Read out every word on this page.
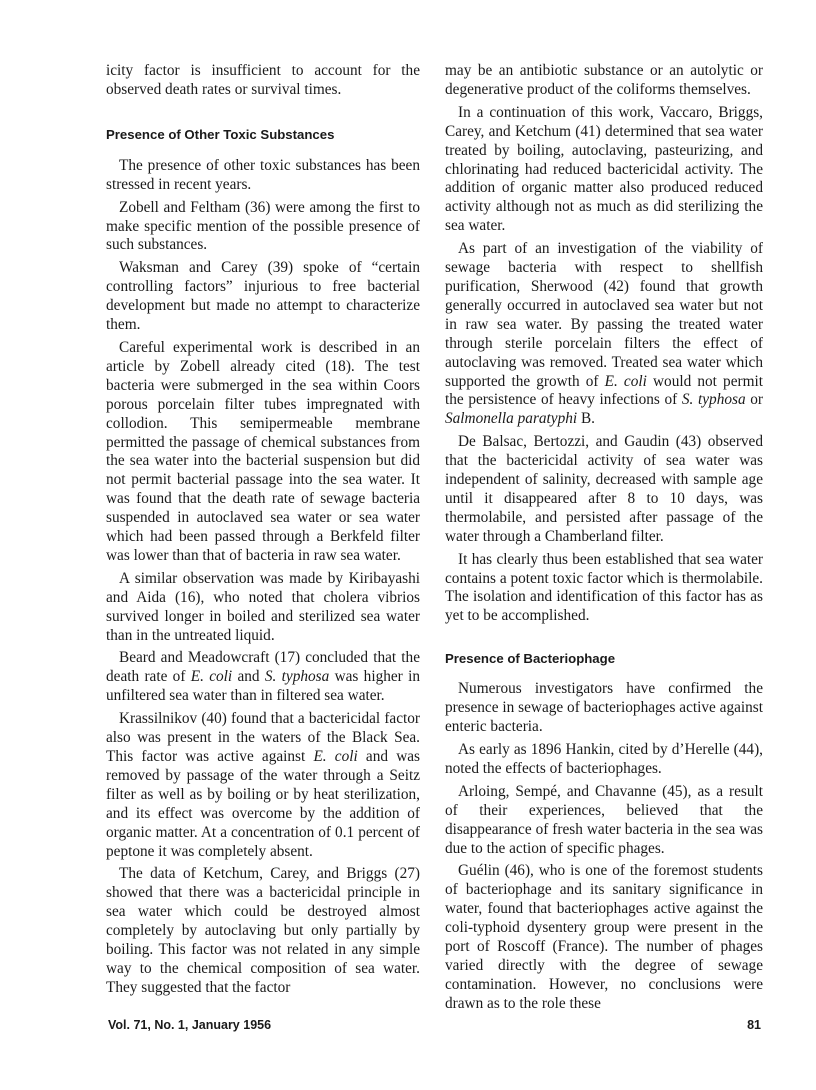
icity factor is insufficient to account for the observed death rates or survival times.

Presence of Other Toxic Substances

The presence of other toxic substances has been stressed in recent years.

Zobell and Feltham (36) were among the first to make specific mention of the possible presence of such substances.

Waksman and Carey (39) spoke of “certain controlling factors” injurious to free bacterial development but made no attempt to characterize them.

Careful experimental work is described in an article by Zobell already cited (18). The test bacteria were submerged in the sea within Coors porous porcelain filter tubes impregnated with collodion. This semipermeable membrane permitted the passage of chemical substances from the sea water into the bacterial suspension but did not permit bacterial passage into the sea water. It was found that the death rate of sewage bacteria suspended in autoclaved sea water or sea water which had been passed through a Berkfeld filter was lower than that of bacteria in raw sea water.

A similar observation was made by Kiribayashi and Aida (16), who noted that cholera vibrios survived longer in boiled and sterilized sea water than in the untreated liquid.

Beard and Meadowcraft (17) concluded that the death rate of E. coli and S. typhosa was higher in unfiltered sea water than in filtered sea water.

Krassilnikov (40) found that a bactericidal factor also was present in the waters of the Black Sea. This factor was active against E. coli and was removed by passage of the water through a Seitz filter as well as by boiling or by heat sterilization, and its effect was overcome by the addition of organic matter. At a concentration of 0.1 percent of peptone it was completely absent.

The data of Ketchum, Carey, and Briggs (27) showed that there was a bactericidal principle in sea water which could be destroyed almost completely by autoclaving but only partially by boiling. This factor was not related in any simple way to the chemical composition of sea water. They suggested that the factor

may be an antibiotic substance or an autolytic or degenerative product of the coliforms themselves.

In a continuation of this work, Vaccaro, Briggs, Carey, and Ketchum (41) determined that sea water treated by boiling, autoclaving, pasteurizing, and chlorinating had reduced bactericidal activity. The addition of organic matter also produced reduced activity although not as much as did sterilizing the sea water.

As part of an investigation of the viability of sewage bacteria with respect to shellfish purification, Sherwood (42) found that growth generally occurred in autoclaved sea water but not in raw sea water. By passing the treated water through sterile porcelain filters the effect of autoclaving was removed. Treated sea water which supported the growth of E. coli would not permit the persistence of heavy infections of S. typhosa or Salmonella paratyphi B.

De Balsac, Bertozzi, and Gaudin (43) observed that the bactericidal activity of sea water was independent of salinity, decreased with sample age until it disappeared after 8 to 10 days, was thermolabile, and persisted after passage of the water through a Chamberland filter.

It has clearly thus been established that sea water contains a potent toxic factor which is thermolabile. The isolation and identification of this factor has as yet to be accomplished.

Presence of Bacteriophage

Numerous investigators have confirmed the presence in sewage of bacteriophages active against enteric bacteria.

As early as 1896 Hankin, cited by d’Herelle (44), noted the effects of bacteriophages.

Arloing, Sempé, and Chavanne (45), as a result of their experiences, believed that the disappearance of fresh water bacteria in the sea was due to the action of specific phages.

Guélin (46), who is one of the foremost students of bacteriophage and its sanitary significance in water, found that bacteriophages active against the coli-typhoid dysentery group were present in the port of Roscoff (France). The number of phages varied directly with the degree of sewage contamination. However, no conclusions were drawn as to the role these

Vol. 71, No. 1, January 1956	81
